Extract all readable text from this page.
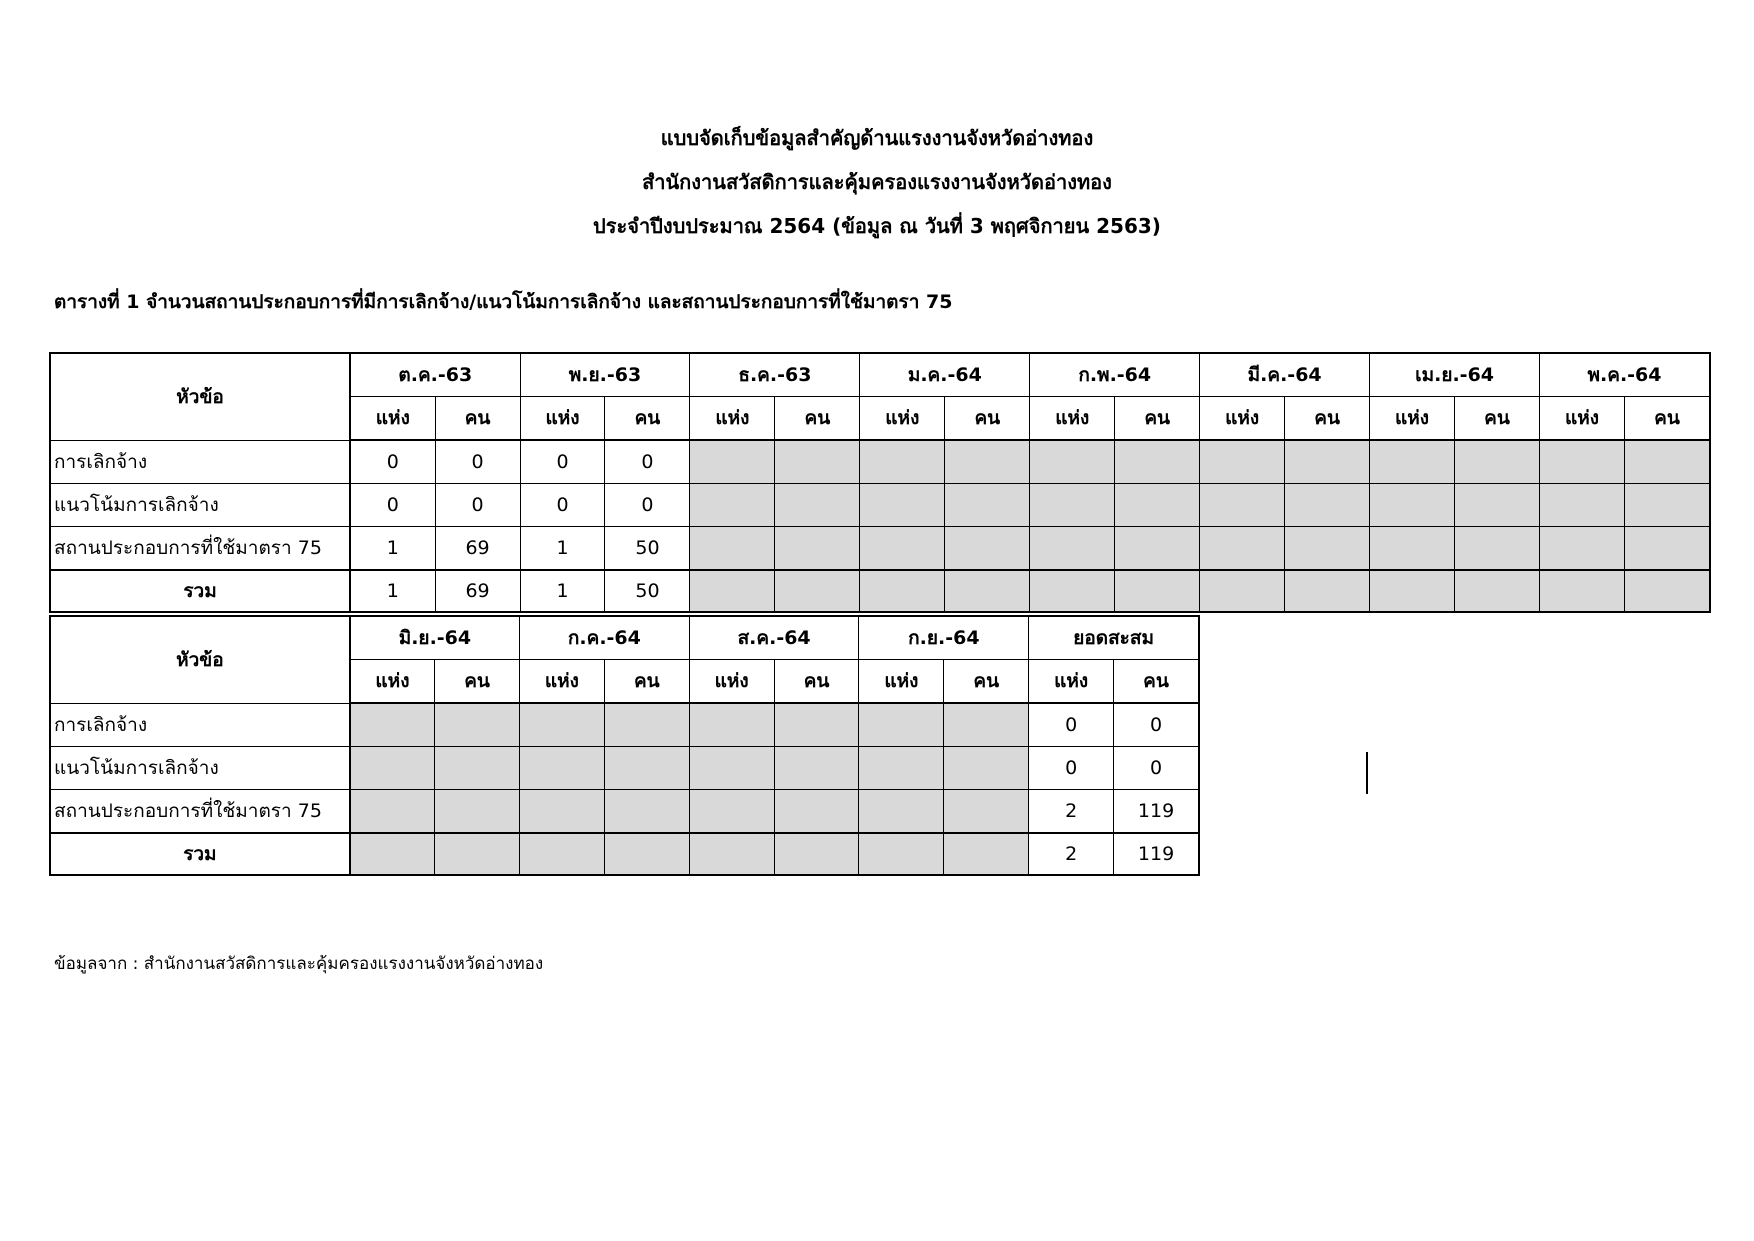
แบบจัดเก็บข้อมูลสำคัญด้านแรงงานจังหวัดอ่างทอง
สำนักงานสวัสดิการและคุ้มครองแรงงานจังหวัดอ่างทอง
ประจำปีงบประมาณ 2564 (ข้อมูล ณ วันที่ 3 พฤศจิกายน 2563)
ตารางที่ 1 จำนวนสถานประกอบการที่มีการเลิกจ้าง/แนวโน้มการเลิกจ้าง และสถานประกอบการที่ใช้มาตรา 75
หัวข้อ	ต.ค.-63		พ.ย.-63		ธ.ค.-63		ม.ค.-64		ก.พ.-64		มี.ค.-64		เม.ย.-64		พ.ค.-64	
	แห่ง	คน	แห่ง	คน	แห่ง	คน	แห่ง	คน	แห่ง	คน	แห่ง	คน	แห่ง	คน	แห่ง	คน
การเลิกจ้าง	0	0	0	0												
แนวโน้มการเลิกจ้าง	0	0	0	0												
สถานประกอบการที่ใช้มาตรา 75	1	69	1	50												
รวม	1	69	1	50												
หัวข้อ	มิ.ย.-64		ก.ค.-64		ส.ค.-64		ก.ย.-64		ยอดสะสม	
	แห่ง	คน	แห่ง	คน	แห่ง	คน	แห่ง	คน	แห่ง	คน
การเลิกจ้าง									0	0
แนวโน้มการเลิกจ้าง									0	0
สถานประกอบการที่ใช้มาตรา 75									2	119
รวม									2	119
ข้อมูลจาก : สำนักงานสวัสดิการและคุ้มครองแรงงานจังหวัดอ่างทอง
